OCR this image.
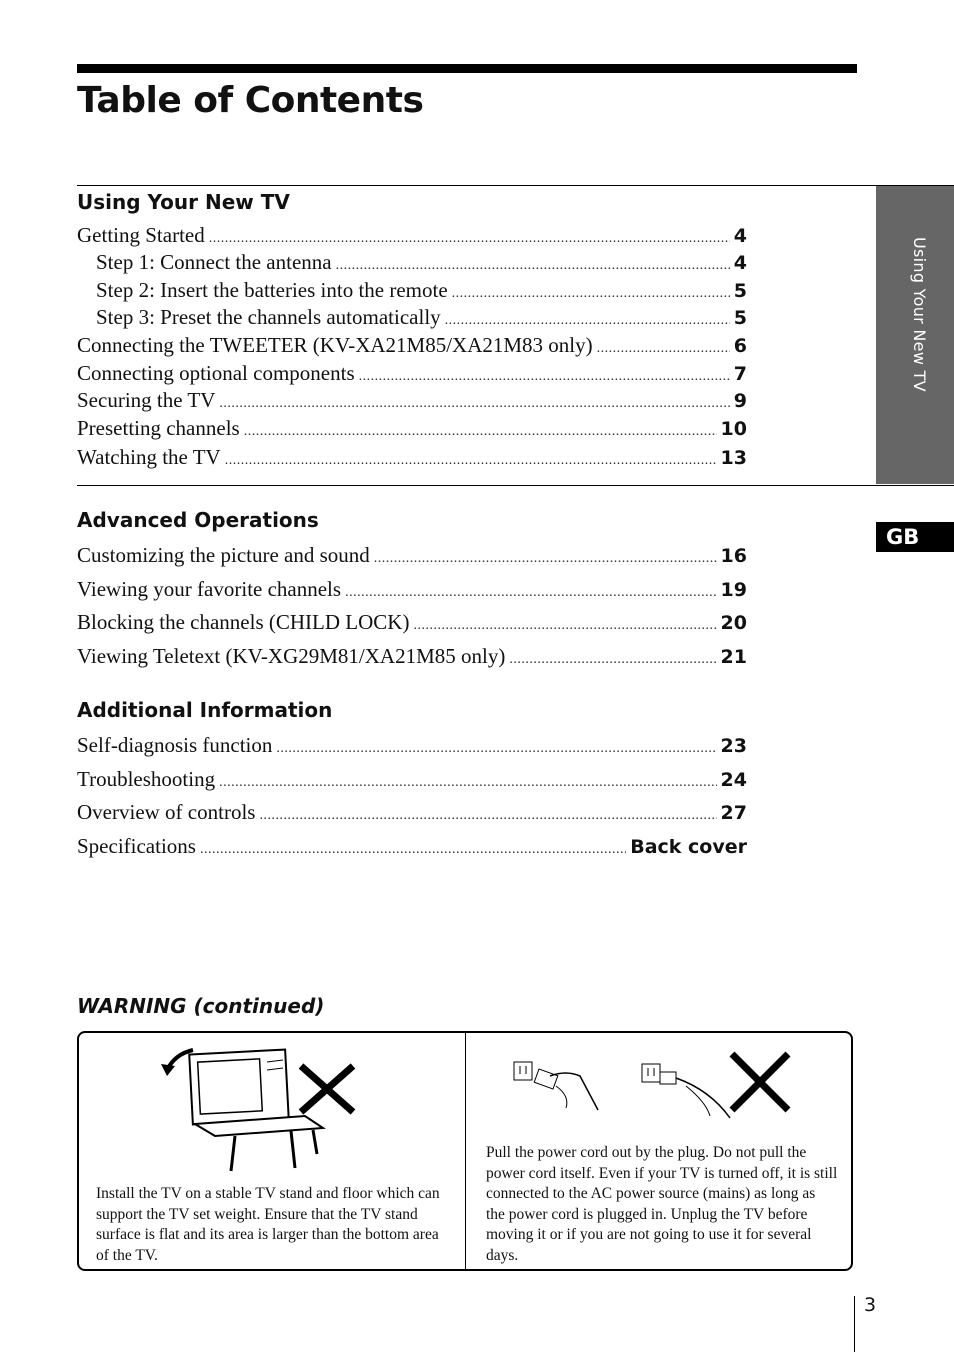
Table of Contents
Using Your New TV
GB
Using Your New TV
Getting Started .....	4
Step 1: Connect the antenna .....	4
Step 2: Insert the batteries into the remote .....	5
Step 3: Preset the channels automatically .....	5
Connecting the TWEETER (KV-XA21M85/XA21M83 only) .....	6
Connecting optional components .....	7
Securing the TV .....	9
Presetting channels .....	10
Watching the TV .....	13
Advanced Operations
Customizing the picture and sound .....	16
Viewing your favorite channels .....	19
Blocking the channels (CHILD LOCK) .....	20
Viewing Teletext (KV-XG29M81/XA21M85 only) .....	21
Additional Information
Self-diagnosis function .....	23
Troubleshooting .....	24
Overview of controls .....	27
Specifications .....	Back cover
WARNING (continued)
Install the TV on a stable TV stand and floor which can support the TV set weight. Ensure that the TV stand surface is flat and its area is larger than the bottom area of the TV.
Pull the power cord out by the plug. Do not pull the power cord itself. Even if your TV is turned off, it is still connected to the AC power source (mains) as long as the power cord is plugged in. Unplug the TV before moving it or if you are not going to use it for several days.
3
